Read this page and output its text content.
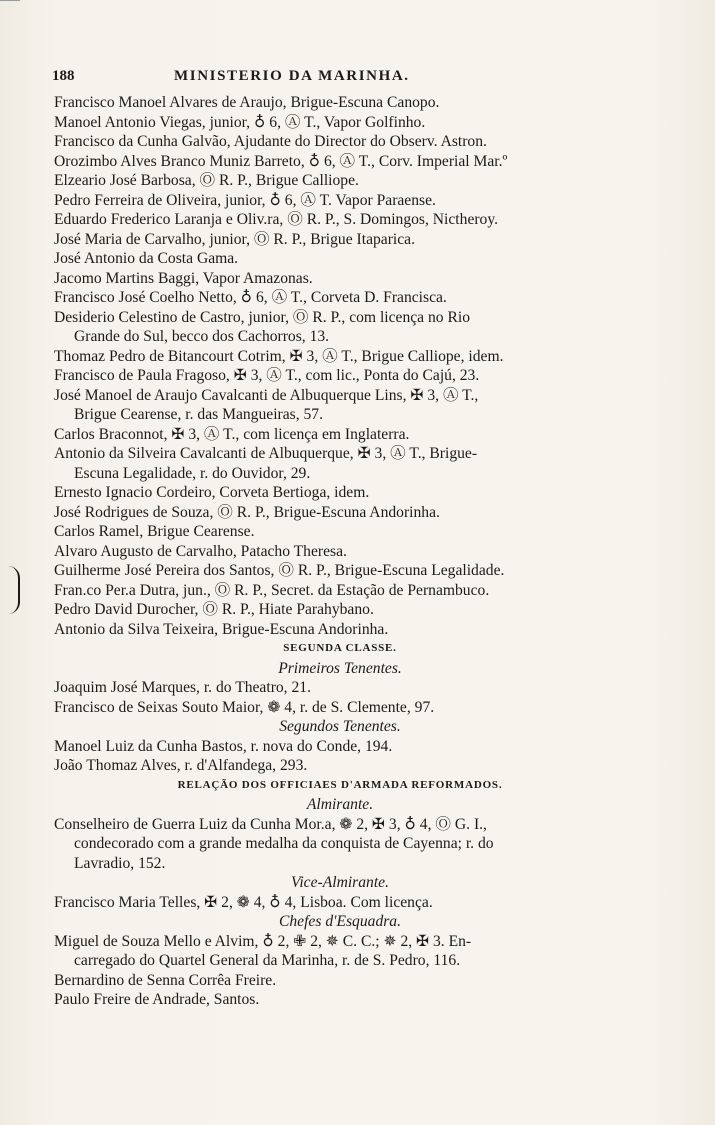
188	MINISTERIO DA MARINHA.
Francisco Manoel Alvares de Araujo, Brigue-Escuna Canopo.
Manoel Antonio Viegas, junior, ♁ 6, Ⓐ T., Vapor Golfinho.
Francisco da Cunha Galvão, Ajudante do Director do Observ. Astron.
Orozimbo Alves Branco Muniz Barreto, ♁ 6, Ⓐ T., Corv. Imperial Mar.º
Elzeario José Barbosa, Ⓞ R. P., Brigue Calliope.
Pedro Ferreira de Oliveira, junior, ♁ 6, Ⓐ T. Vapor Paraense.
Eduardo Frederico Laranja e Oliv.ra, Ⓞ R. P., S. Domingos, Nictheroy.
José Maria de Carvalho, junior, Ⓞ R. P., Brigue Itaparica.
José Antonio da Costa Gama.
Jacomo Martins Baggi, Vapor Amazonas.
Francisco José Coelho Netto, ♁ 6, Ⓐ T., Corveta D. Francisca.
Desiderio Celestino de Castro, junior, Ⓞ R. P., com licença no Rio
Grande do Sul, becco dos Cachorros, 13.
Thomaz Pedro de Bitancourt Cotrim, ✠ 3, Ⓐ T., Brigue Calliope, idem.
Francisco de Paula Fragoso, ✠ 3, Ⓐ T., com lic., Ponta do Cajú, 23.
José Manoel de Araujo Cavalcanti de Albuquerque Lins, ✠ 3, Ⓐ T.,
Brigue Cearense, r. das Mangueiras, 57.
Carlos Braconnot, ✠ 3, Ⓐ T., com licença em Inglaterra.
Antonio da Silveira Cavalcanti de Albuquerque, ✠ 3, Ⓐ T., Brigue-
Escuna Legalidade, r. do Ouvidor, 29.
Ernesto Ignacio Cordeiro, Corveta Bertioga, idem.
José Rodrigues de Souza, Ⓞ R. P., Brigue-Escuna Andorinha.
Carlos Ramel, Brigue Cearense.
Alvaro Augusto de Carvalho, Patacho Theresa.
Guilherme José Pereira dos Santos, Ⓞ R. P., Brigue-Escuna Legalidade.
Fran.co Per.a Dutra, jun., Ⓞ R. P., Secret. da Estação de Pernambuco.
Pedro David Durocher, Ⓞ R. P., Hiate Parahybano.
Antonio da Silva Teixeira, Brigue-Escuna Andorinha.
SEGUNDA CLASSE.
Primeiros Tenentes.
Joaquim José Marques, r. do Theatro, 21.
Francisco de Seixas Souto Maior, ❁ 4, r. de S. Clemente, 97.
Segundos Tenentes.
Manoel Luiz da Cunha Bastos, r. nova do Conde, 194.
João Thomaz Alves, r. d'Alfandega, 293.
RELAÇÃO DOS OFFICIAES D'ARMADA REFORMADOS.
Almirante.
Conselheiro de Guerra Luiz da Cunha Mor.a, ❁ 2, ✠ 3, ♁ 4, Ⓞ G. I.,
condecorado com a grande medalha da conquista de Cayenna; r. do
Lavradio, 152.
Vice-Almirante.
Francisco Maria Telles, ✠ 2, ❁ 4, ♁ 4, Lisboa. Com licença.
Chefes d'Esquadra.
Miguel de Souza Mello e Alvim, ♁ 2, ✙ 2, ✵ C. C.; ✵ 2, ✠ 3. En-
carregado do Quartel General da Marinha, r. de S. Pedro, 116.
Bernardino de Senna Corrêa Freire.
Paulo Freire de Andrade, Santos.
